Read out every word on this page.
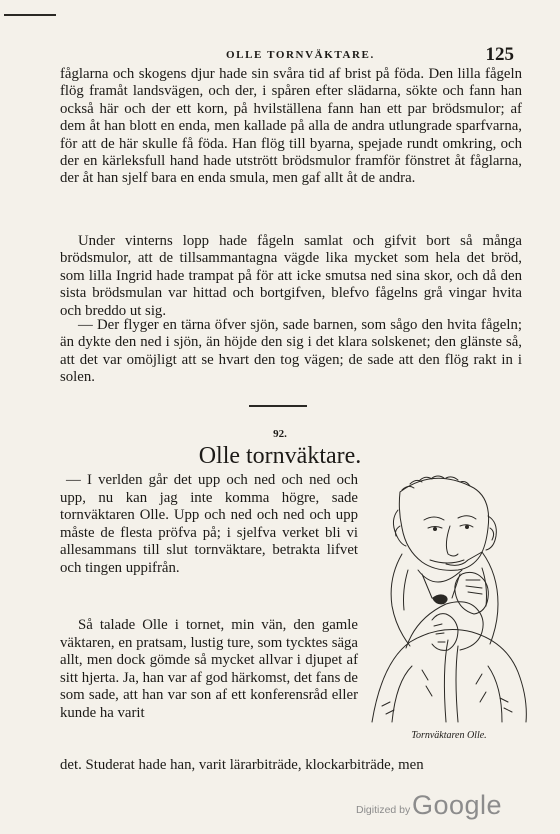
OLLE TORNVÄKTARE.	125

fåglarna och skogens djur hade sin svåra tid af brist på föda. Den lilla fågeln flög framåt landsvägen, och der, i spåren efter slädarna, sökte och fann han också här och der ett korn, på hvilställena fann han ett par brödsmulor; af dem åt han blott en enda, men kallade på alla de andra utlungrade sparfvarna, för att de här skulle få föda. Han flög till byarna, spejade rundt omkring, och der en kärleksfull hand hade utstrött brödsmulor framför fönstret åt fåglarna, der åt han sjelf bara en enda smula, men gaf allt åt de andra.

Under vinterns lopp hade fågeln samlat och gifvit bort så många brödsmulor, att de tillsammantagna vägde lika mycket som hela det bröd, som lilla Ingrid hade trampat på för att icke smutsa ned sina skor, och då den sista brödsmulan var hittad och bortgifven, blefvo fågelns grå vingar hvita och breddo ut sig.

— Der flyger en tärna öfver sjön, sade barnen, som sågo den hvita fågeln; än dykte den ned i sjön, än höjde den sig i det klara solskenet; den glänste så, att det var omöjligt att se hvart den tog vägen; de sade att den flög rakt in i solen.

92.
Olle tornväktare.

— I verlden går det upp och ned och ned och upp, nu kan jag inte komma högre, sade tornväktaren Olle. Upp och ned och ned och upp måste de flesta pröfva på; i sjelfva verket bli vi allesammans till slut tornväktare, betrakta lifvet och tingen uppifrån.

Så talade Olle i tornet, min vän, den gamle väktaren, en pratsam, lustig ture, som tycktes säga allt, men dock gömde så mycket allvar i djupet af sitt hjerta. Ja, han var af god härkomst, det fans de som sade, att han var son af ett konferensråd eller kunde ha varit

det. Studerat hade han, varit lärarbiträde, klockarbiträde, men

Tornväktaren Olle.
Digitized by Google
